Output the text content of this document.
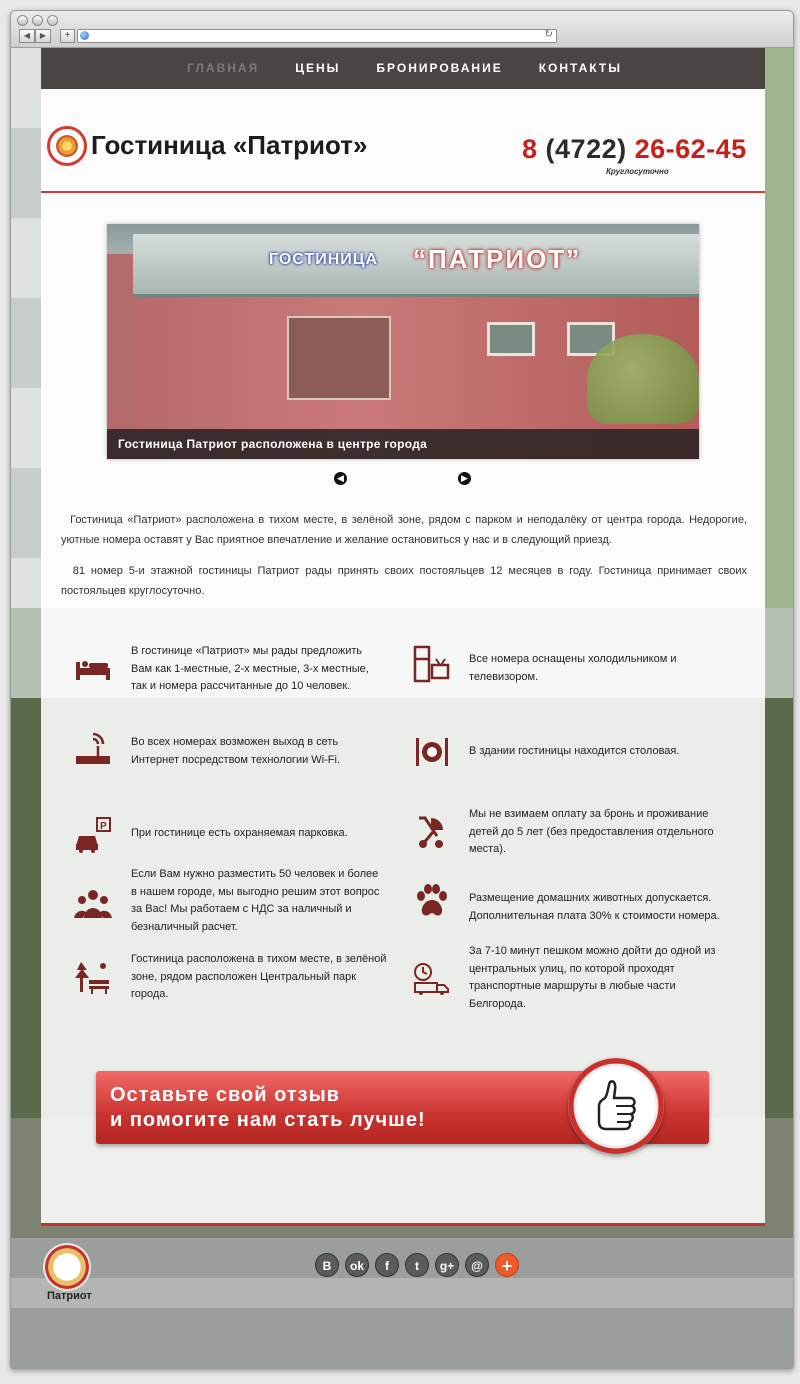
◀	▶	+	↻
ГЛАВНАЯ	ЦЕНЫ	БРОНИРОВАНИЕ	КОНТАКТЫ
Гостиница «Патриот»	8 (4722) 26-62-45
Круглосуточно
ГОСТИНИЦА “ПАТРИОТ”
Гостиница Патриот расположена в центре города
◀	▶

Гостиница «Патриот» расположена в тихом месте, в зелёной зоне, рядом с парком и неподалёку от центра города. Недорогие, уютные номера оставят у Вас приятное впечатление и желание остановиться у нас и в следующий приезд.

81 номер 5-и этажной гостиницы Патриот рады принять своих постояльцев 12 месяцев в году. Гостиница принимает своих постояльцев круглосуточно.

В гостинице «Патриот» мы рады предложить Вам как 1-местные, 2-х местные, 3-х местные, так и номера рассчитанные до 10 человек.
Все номера оснащены холодильником и телевизором.
Во всех номерах возможен выход в сеть Интернет посредством технологии Wi-Fi.
В здании гостиницы находится столовая.
P
При гостинице есть охраняемая парковка.
Мы не взимаем оплату за бронь и проживание детей до 5 лет (без предоставления отдельного места).
Если Вам нужно разместить 50 человек и более в нашем городе, мы выгодно решим этот вопрос за Вас! Мы работаем с НДС за наличный и безналичный расчет.
Размещение домашних животных допускается. Дополнительная плата 30% к стоимости номера.
Гостиница расположена в тихом месте, в зелёной зоне, рядом расположен Центральный парк города.
За 7-10 минут пешком можно дойти до одной из центральных улиц, по которой проходят транспортные маршруты в любые части Белгорода.
Оставьте свой отзыв
и помогите нам стать лучше!
Патриот
В	ok	f	t	g+	@	+
